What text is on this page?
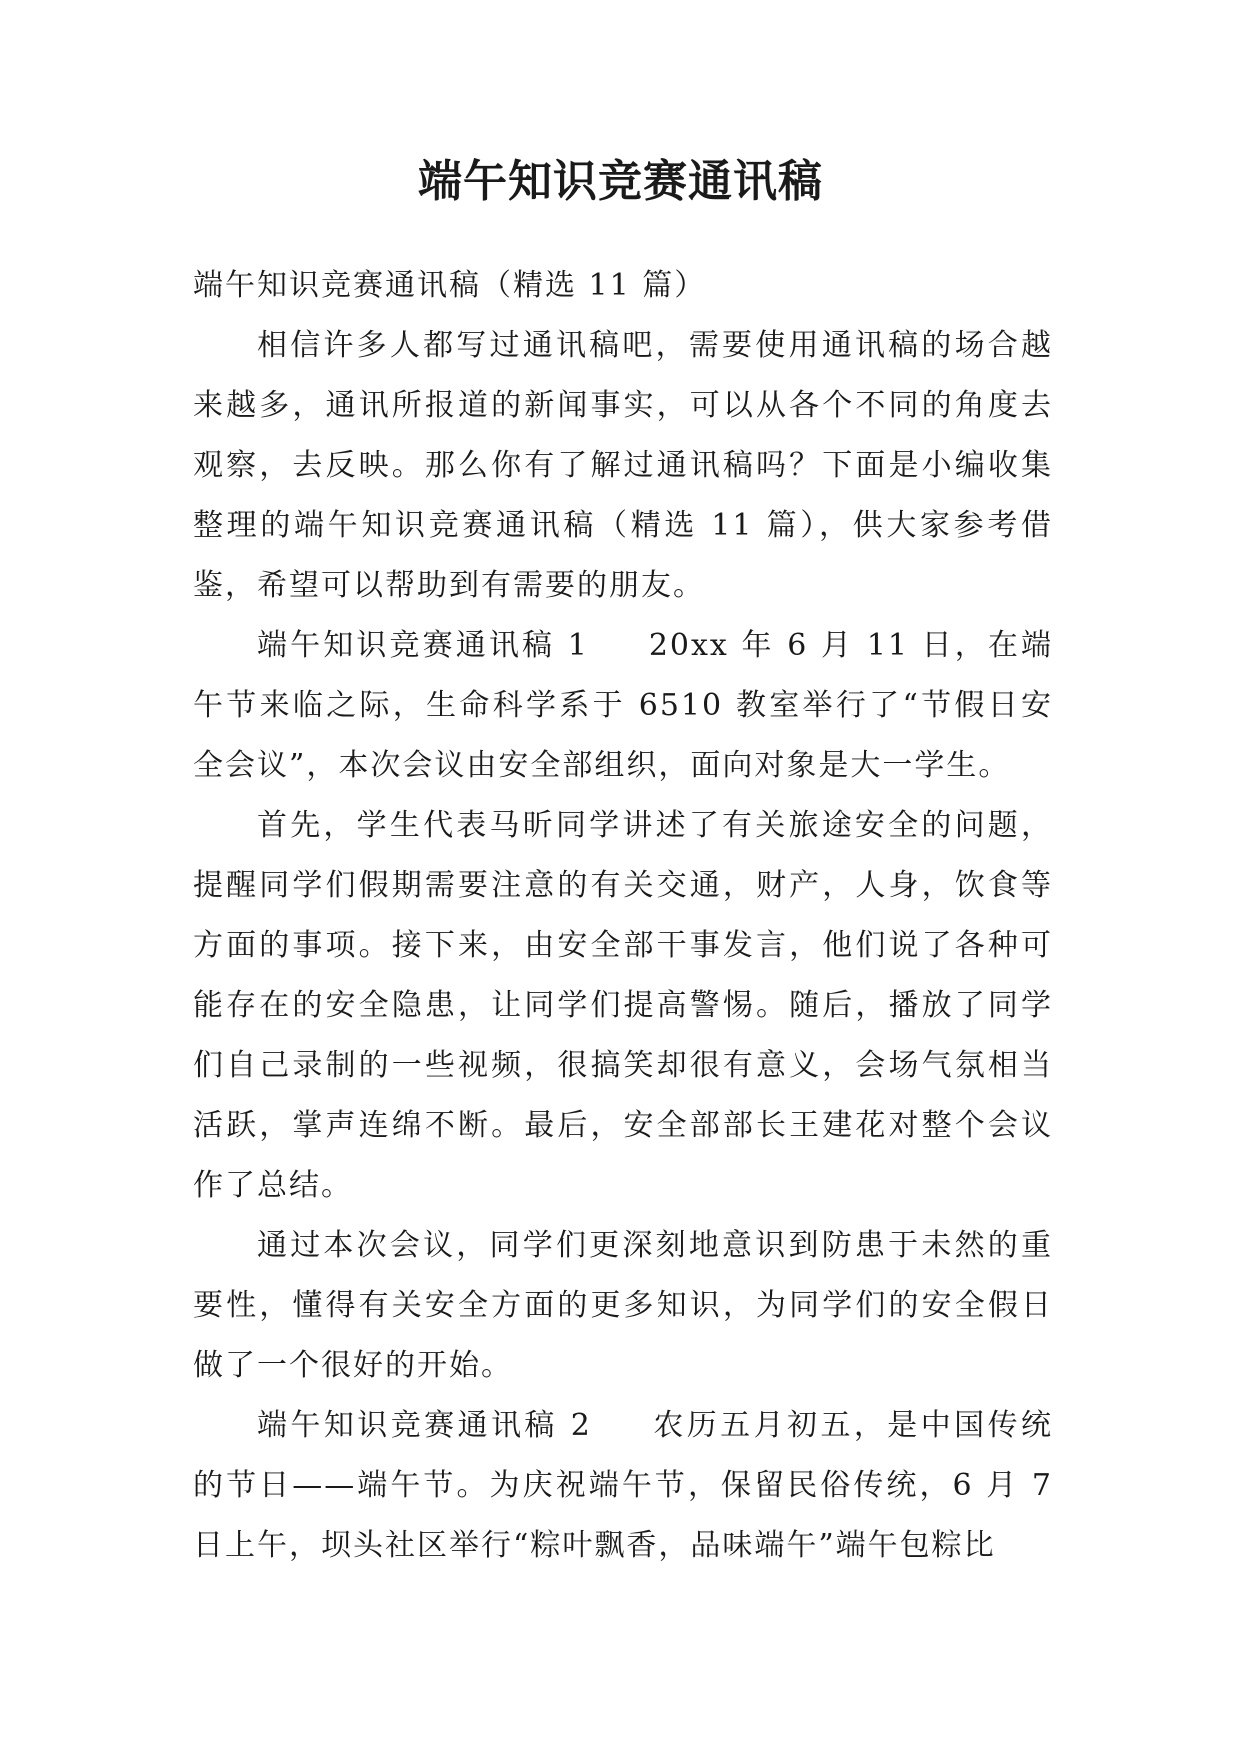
端午知识竞赛通讯稿

端午知识竞赛通讯稿（精选 11 篇）

相信许多人都写过通讯稿吧，需要使用通讯稿的场合越来越多，通讯所报道的新闻事实，可以从各个不同的角度去观察，去反映。那么你有了解过通讯稿吗？下面是小编收集整理的端午知识竞赛通讯稿（精选 11 篇），供大家参考借鉴，希望可以帮助到有需要的朋友。

端午知识竞赛通讯稿 1 20xx 年 6 月 11 日，在端午节来临之际，生命科学系于 6510 教室举行了“节假日安全会议”，本次会议由安全部组织，面向对象是大一学生。

首先，学生代表马昕同学讲述了有关旅途安全的问题，提醒同学们假期需要注意的有关交通，财产，人身，饮食等方面的事项。接下来，由安全部干事发言，他们说了各种可能存在的安全隐患，让同学们提高警惕。随后，播放了同学们自己录制的一些视频，很搞笑却很有意义，会场气氛相当活跃，掌声连绵不断。最后，安全部部长王建花对整个会议作了总结。

通过本次会议，同学们更深刻地意识到防患于未然的重要性，懂得有关安全方面的更多知识，为同学们的安全假日做了一个很好的开始。

端午知识竞赛通讯稿 2 农历五月初五，是中国传统的节日——端午节。为庆祝端午节，保留民俗传统，6 月 7 日上午，坝头社区举行“粽叶飘香，品味端午”端午包粽比
